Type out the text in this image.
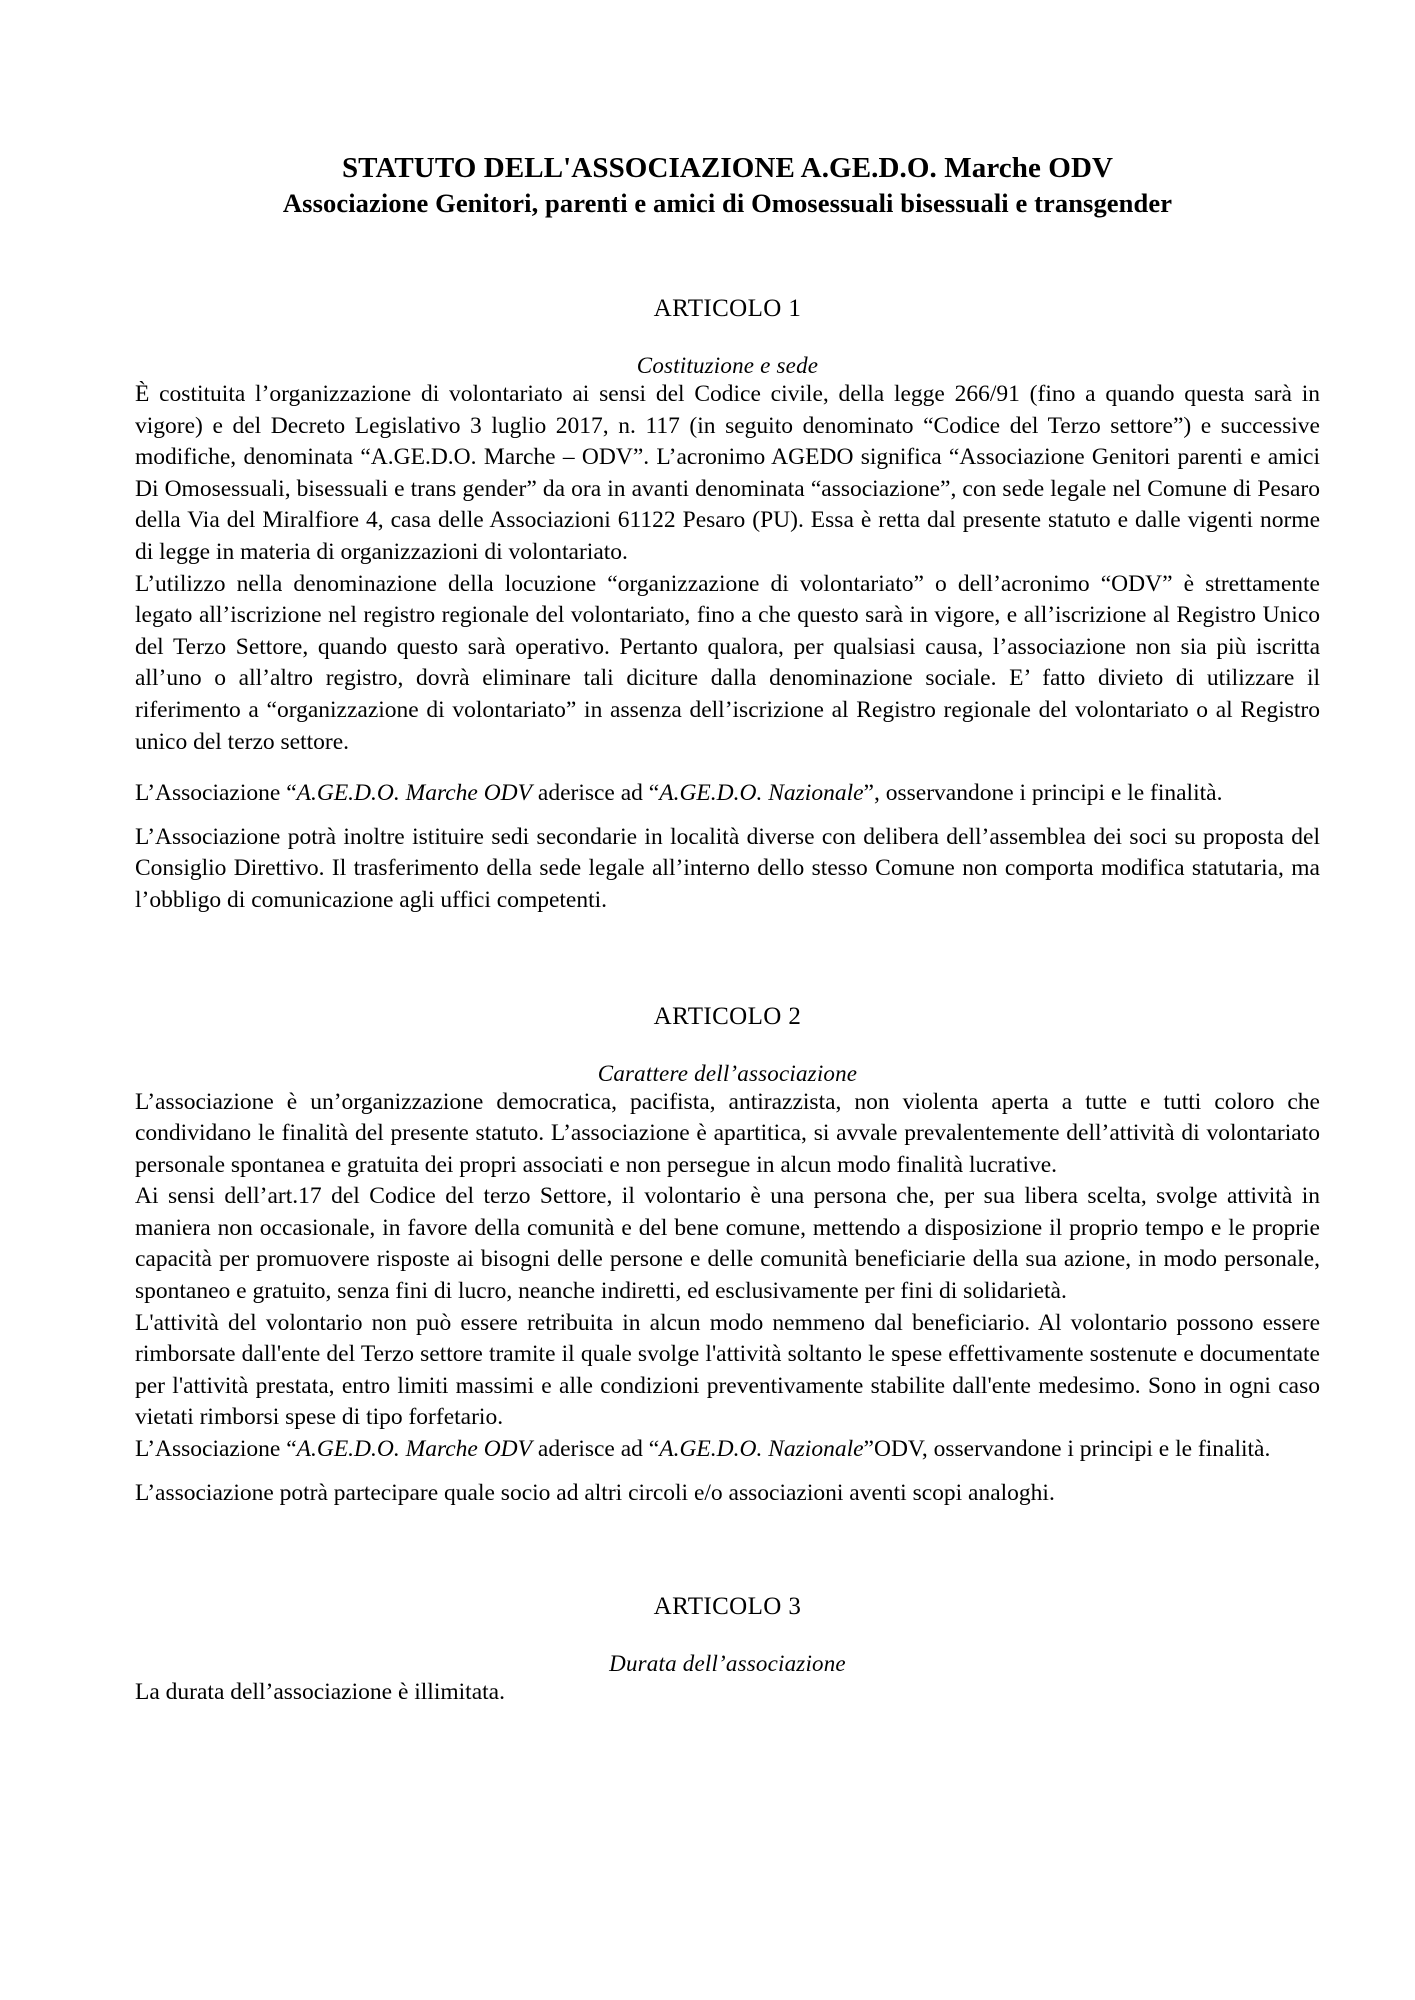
STATUTO DELL'ASSOCIAZIONE A.GE.D.O. Marche ODV
Associazione Genitori, parenti e amici di Omosessuali bisessuali e transgender
ARTICOLO 1
Costituzione e sede

È costituita l’organizzazione di volontariato ai sensi del Codice civile, della legge 266/91 (fino a quando questa sarà in vigore) e del Decreto Legislativo 3 luglio 2017, n. 117 (in seguito denominato “Codice del Terzo settore”) e successive modifiche, denominata “A.GE.D.O. Marche – ODV”. L’acronimo AGEDO significa “Associazione Genitori parenti e amici Di Omosessuali, bisessuali e trans gender” da ora in avanti denominata “associazione”, con sede legale nel Comune di Pesaro della Via del Miralfiore 4, casa delle Associazioni 61122 Pesaro (PU). Essa è retta dal presente statuto e dalle vigenti norme di legge in materia di organizzazioni di volontariato.

L’utilizzo nella denominazione della locuzione “organizzazione di volontariato” o dell’acronimo “ODV” è strettamente legato all’iscrizione nel registro regionale del volontariato, fino a che questo sarà in vigore, e all’iscrizione al Registro Unico del Terzo Settore, quando questo sarà operativo. Pertanto qualora, per qualsiasi causa, l’associazione non sia più iscritta all’uno o all’altro registro, dovrà eliminare tali diciture dalla denominazione sociale. E’ fatto divieto di utilizzare il riferimento a “organizzazione di volontariato” in assenza dell’iscrizione al Registro regionale del volontariato o al Registro unico del terzo settore.

L’Associazione “A.GE.D.O. Marche ODV aderisce ad “A.GE.D.O. Nazionale”, osservandone i principi e le finalità.

L’Associazione potrà inoltre istituire sedi secondarie in località diverse con delibera dell’assemblea dei soci su proposta del Consiglio Direttivo. Il trasferimento della sede legale all’interno dello stesso Comune non comporta modifica statutaria, ma l’obbligo di comunicazione agli uffici competenti.

ARTICOLO 2
Carattere dell’associazione

L’associazione è un’organizzazione democratica, pacifista, antirazzista, non violenta aperta a tutte e tutti coloro che condividano le finalità del presente statuto. L’associazione è apartitica, si avvale prevalentemente dell’attività di volontariato personale spontanea e gratuita dei propri associati e non persegue in alcun modo finalità lucrative.

Ai sensi dell’art.17 del Codice del terzo Settore, il volontario è una persona che, per sua libera scelta, svolge attività in maniera non occasionale, in favore della comunità e del bene comune, mettendo a disposizione il proprio tempo e le proprie capacità per promuovere risposte ai bisogni delle persone e delle comunità beneficiarie della sua azione, in modo personale, spontaneo e gratuito, senza fini di lucro, neanche indiretti, ed esclusivamente per fini di solidarietà.

L'attività del volontario non può essere retribuita in alcun modo nemmeno dal beneficiario. Al volontario possono essere rimborsate dall'ente del Terzo settore tramite il quale svolge l'attività soltanto le spese effettivamente sostenute e documentate per l'attività prestata, entro limiti massimi e alle condizioni preventivamente stabilite dall'ente medesimo. Sono in ogni caso vietati rimborsi spese di tipo forfetario.

L’Associazione “A.GE.D.O. Marche ODV aderisce ad “A.GE.D.O. Nazionale”ODV, osservandone i principi e le finalità.

L’associazione potrà partecipare quale socio ad altri circoli e/o associazioni aventi scopi analoghi.

ARTICOLO 3
Durata dell’associazione

La durata dell’associazione è illimitata.
